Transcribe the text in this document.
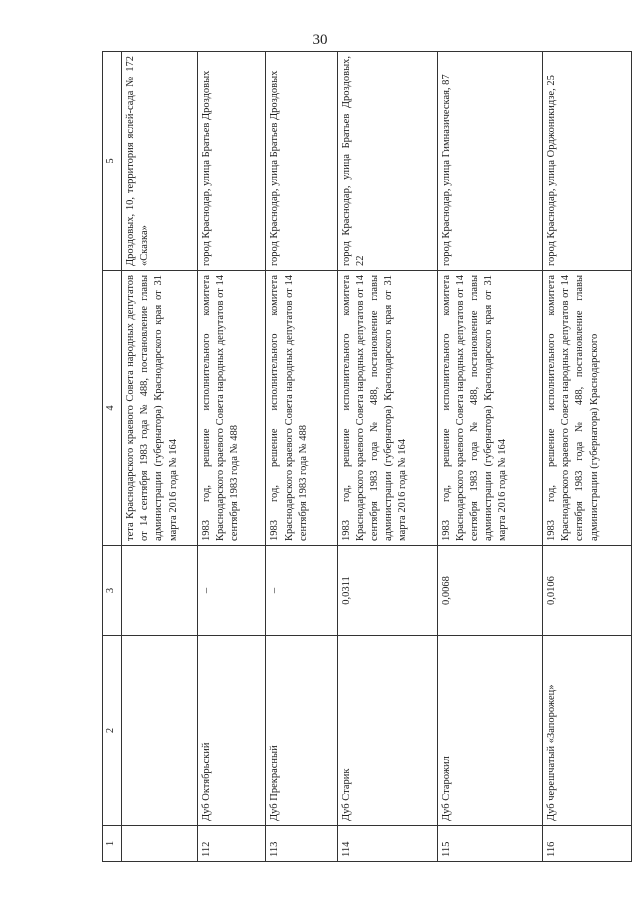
30
1	2	3	4	5
			тета Краснодарского краевого Совета народных депутатов от 14 сентября 1983 года № 488, постановление главы администрации (губернатора) Краснодарского края от 31 марта 2016 года № 164	Дроздовых, 10, территория яслей-сада № 172 «Сказка»
112	Дуб Октябрьский	–	1983 год, решение исполнительного комитета Краснодарского краевого Совета народных депутатов от 14 сентября 1983 года № 488	город Краснодар, улица Братьев Дроздовых
113	Дуб Прекрасный	–	1983 год, решение исполнительного комитета Краснодарского краевого Совета народных депутатов от 14 сентября 1983 года № 488	город Краснодар, улица Братьев Дроздовых
114	Дуб Старик	0,0311	1983 год, решение исполнительного комитета Краснодарского краевого Совета народных депутатов от 14 сентября 1983 года № 488, постановление главы администрации (губернатора) Краснодарского края от 31 марта 2016 года № 164	город Краснодар, улица Братьев Дроздовых, 22
115	Дуб Старожил	0,0068	1983 год, решение исполнительного комитета Краснодарского краевого Совета народных депутатов от 14 сентября 1983 года № 488, постановление главы администрации (губернатора) Краснодарского края от 31 марта 2016 года № 164	город Краснодар, улица Гимназическая, 87
116	Дуб черешчатый «Запорожец»	0,0106	1983 год, решение исполнительного комитета Краснодарского краевого Совета народных депутатов от 14 сентября 1983 года № 488, постановление главы администрации (губернатора) Краснодарского	город Краснодар, улица Орджоникидзе, 25
